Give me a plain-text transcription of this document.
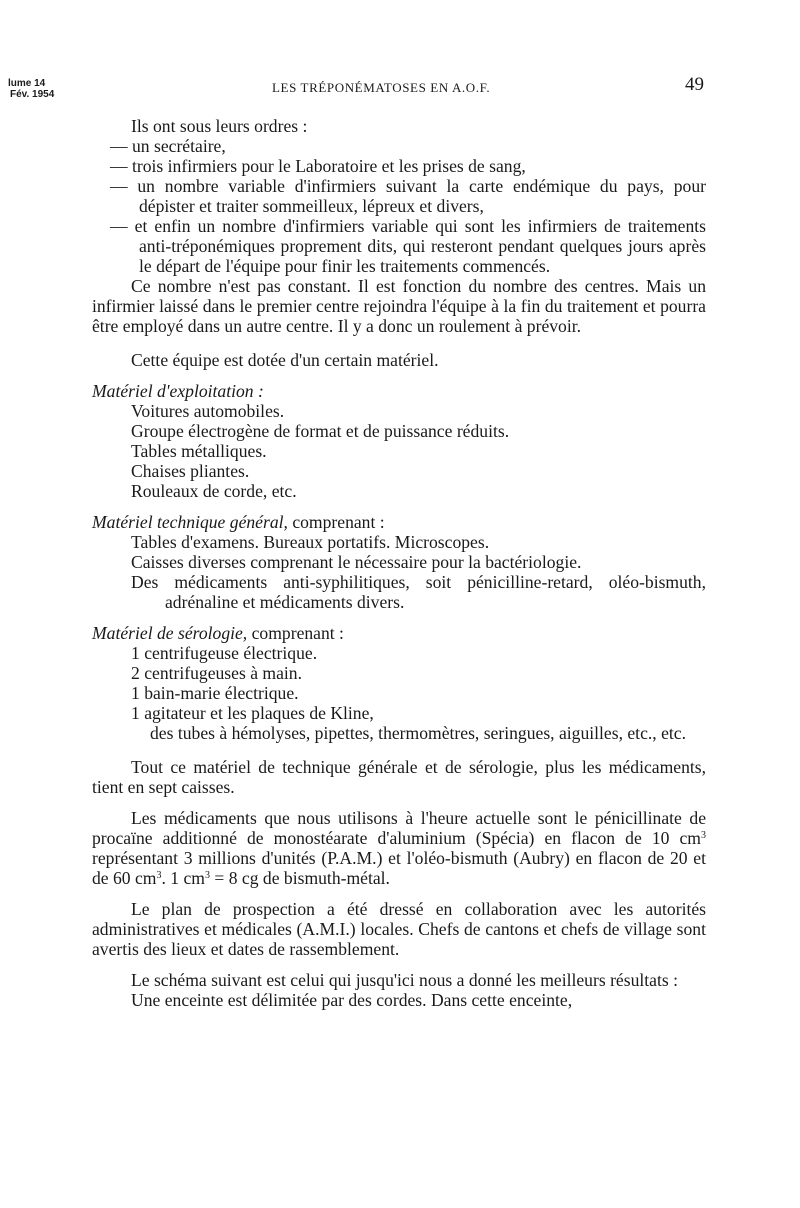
lume 14
Fév. 1954	LES TRÉPONÉMATOSES EN A.O.F.	49

Ils ont sous leurs ordres :

— un secrétaire,

— trois infirmiers pour le Laboratoire et les prises de sang,

— un nombre variable d'infirmiers suivant la carte endémique du pays, pour dépister et traiter sommeilleux, lépreux et divers,

— et enfin un nombre d'infirmiers variable qui sont les infirmiers de traitements anti-tréponémiques proprement dits, qui resteront pendant quelques jours après le départ de l'équipe pour finir les traitements commencés.

Ce nombre n'est pas constant. Il est fonction du nombre des centres. Mais un infirmier laissé dans le premier centre rejoindra l'équipe à la fin du traitement et pourra être employé dans un autre centre. Il y a donc un roulement à prévoir.

Cette équipe est dotée d'un certain matériel.

Matériel d'exploitation :

Voitures automobiles.

Groupe électrogène de format et de puissance réduits.

Tables métalliques.

Chaises pliantes.

Rouleaux de corde, etc.

Matériel technique général, comprenant :

Tables d'examens. Bureaux portatifs. Microscopes.

Caisses diverses comprenant le nécessaire pour la bactériologie.

Des médicaments anti-syphilitiques, soit pénicilline-retard, oléo-bismuth, adrénaline et médicaments divers.

Matériel de sérologie, comprenant :

1 centrifugeuse électrique.

2 centrifugeuses à main.

1 bain-marie électrique.

1 agitateur et les plaques de Kline,

des tubes à hémolyses, pipettes, thermomètres, seringues, aiguilles, etc., etc.

Tout ce matériel de technique générale et de sérologie, plus les médicaments, tient en sept caisses.

Les médicaments que nous utilisons à l'heure actuelle sont le pénicillinate de procaïne additionné de monostéarate d'aluminium (Spécia) en flacon de 10 $cm^3$ représentant 3 millions d'unités (P.A.M.) et l'oléo-bismuth (Aubry) en flacon de 20 et de 60 $cm^3$. 1 $cm^3 = 8$ cg de bismuth-métal.

Le plan de prospection a été dressé en collaboration avec les autorités administratives et médicales (A.M.I.) locales. Chefs de cantons et chefs de village sont avertis des lieux et dates de rassemblement.

Le schéma suivant est celui qui jusqu'ici nous a donné les meilleurs résultats :

Une enceinte est délimitée par des cordes. Dans cette enceinte,
